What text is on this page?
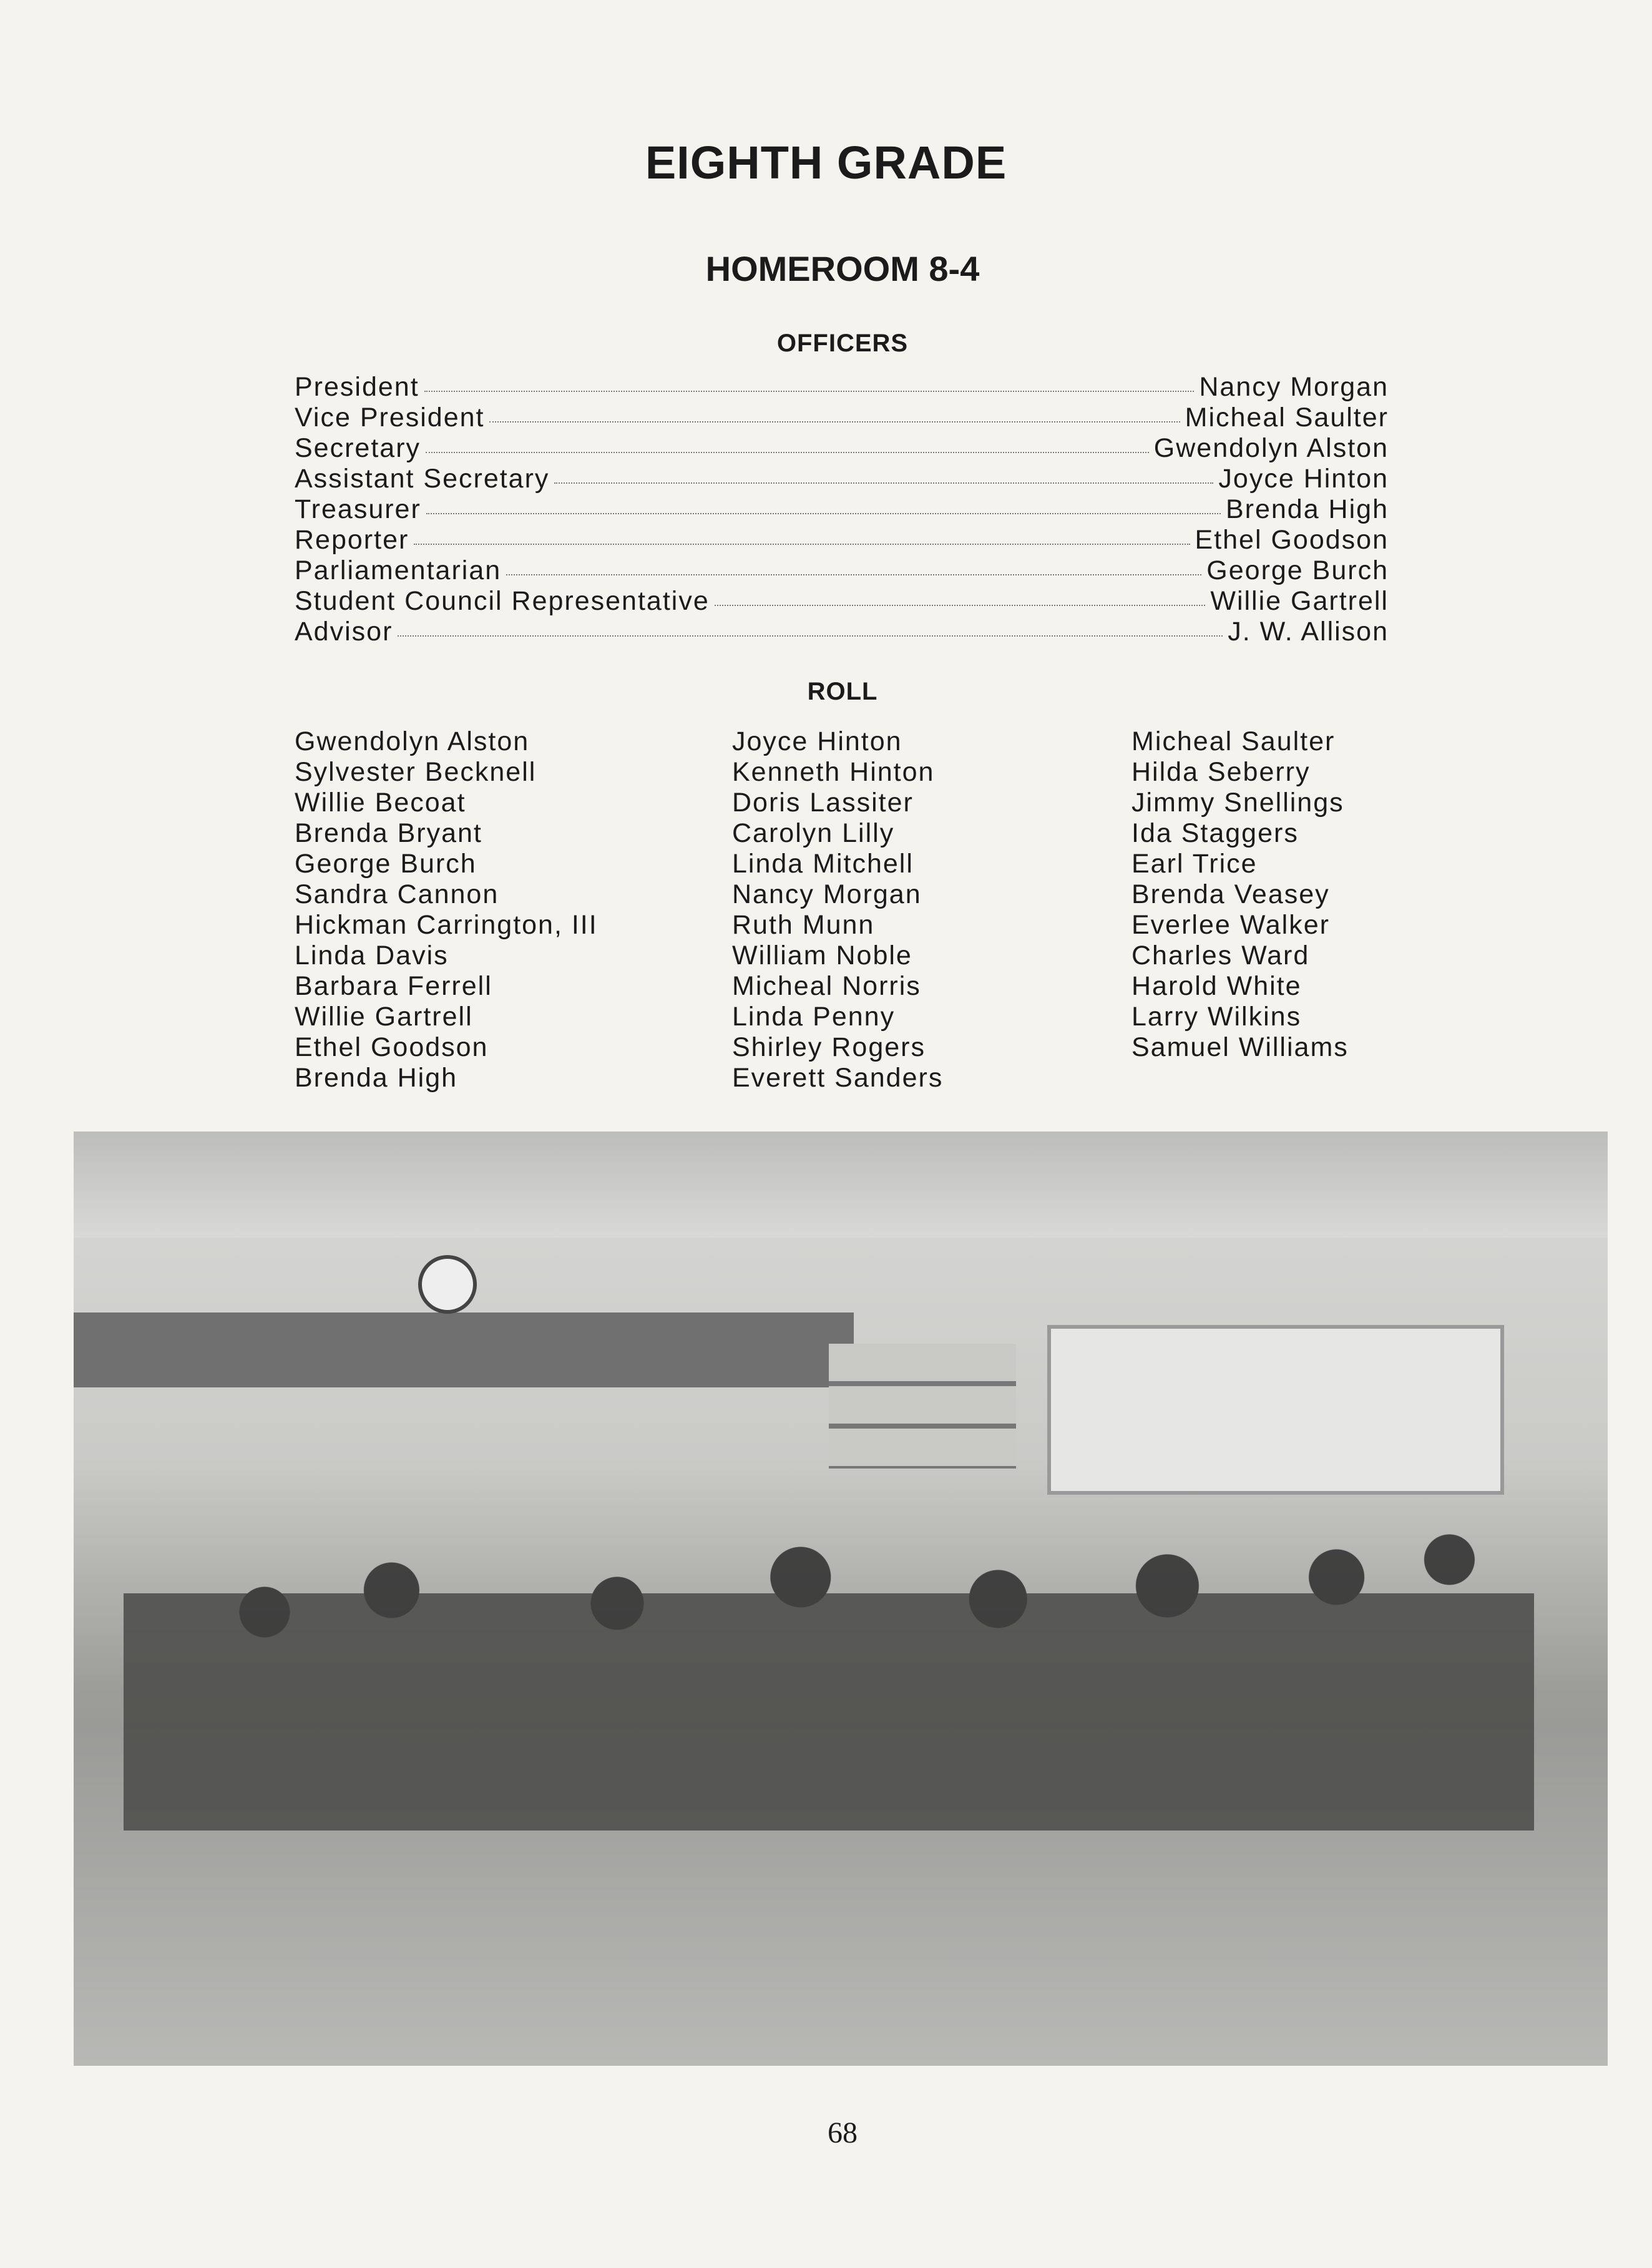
EIGHTH GRADE
HOMEROOM 8-4
OFFICERS
President	Nancy Morgan
Vice President	Micheal Saulter
Secretary	Gwendolyn Alston
Assistant Secretary	Joyce Hinton
Treasurer	Brenda High
Reporter	Ethel Goodson
Parliamentarian	George Burch
Student Council Representative	Willie Gartrell
Advisor	J. W. Allison
ROLL
Gwendolyn Alston
Sylvester Becknell
Willie Becoat
Brenda Bryant
George Burch
Sandra Cannon
Hickman Carrington, III
Linda Davis
Barbara Ferrell
Willie Gartrell
Ethel Goodson
Brenda High
Joyce Hinton
Kenneth Hinton
Doris Lassiter
Carolyn Lilly
Linda Mitchell
Nancy Morgan
Ruth Munn
William Noble
Micheal Norris
Linda Penny
Shirley Rogers
Everett Sanders
Micheal Saulter
Hilda Seberry
Jimmy Snellings
Ida Staggers
Earl Trice
Brenda Veasey
Everlee Walker
Charles Ward
Harold White
Larry Wilkins
Samuel Williams

68
